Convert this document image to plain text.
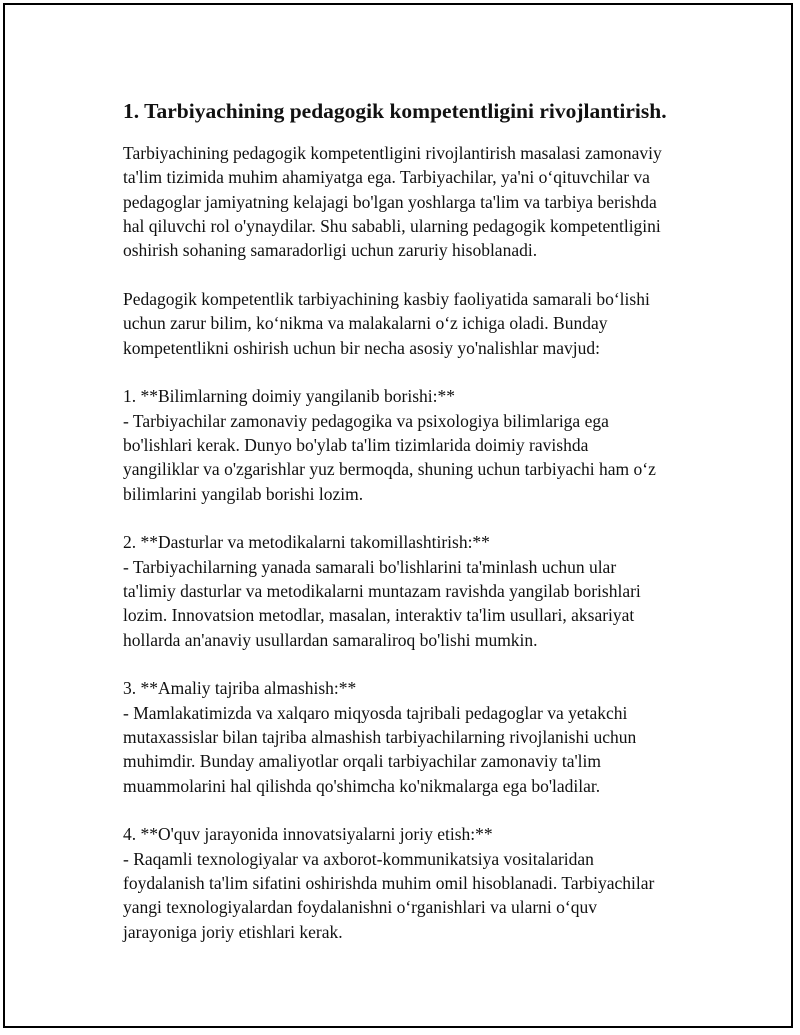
1. Tarbiyachining pedagogik kompetentligini rivojlantirish.

Tarbiyachining pedagogik kompetentligini rivojlantirish masalasi zamonaviy
ta'lim tizimida muhim ahamiyatga ega. Tarbiyachilar, ya'ni o‘qituvchilar va
pedagoglar jamiyatning kelajagi bo'lgan yoshlarga ta'lim va tarbiya berishda
hal qiluvchi rol o'ynaydilar. Shu sababli, ularning pedagogik kompetentligini
oshirish sohaning samaradorligi uchun zaruriy hisoblanadi.

Pedagogik kompetentlik tarbiyachining kasbiy faoliyatida samarali bo‘lishi
uchun zarur bilim, ko‘nikma va malakalarni o‘z ichiga oladi. Bunday
kompetentlikni oshirish uchun bir necha asosiy yo'nalishlar mavjud:

1. **Bilimlarning doimiy yangilanib borishi:**
- Tarbiyachilar zamonaviy pedagogika va psixologiya bilimlariga ega
bo'lishlari kerak. Dunyo bo'ylab ta'lim tizimlarida doimiy ravishda
yangiliklar va o'zgarishlar yuz bermoqda, shuning uchun tarbiyachi ham o‘z
bilimlarini yangilab borishi lozim.

2. **Dasturlar va metodikalarni takomillashtirish:**
- Tarbiyachilarning yanada samarali bo'lishlarini ta'minlash uchun ular
ta'limiy dasturlar va metodikalarni muntazam ravishda yangilab borishlari
lozim. Innovatsion metodlar, masalan, interaktiv ta'lim usullari, aksariyat
hollarda an'anaviy usullardan samaraliroq bo'lishi mumkin.

3. **Amaliy tajriba almashish:**
- Mamlakatimizda va xalqaro miqyosda tajribali pedagoglar va yetakchi
mutaxassislar bilan tajriba almashish tarbiyachilarning rivojlanishi uchun
muhimdir. Bunday amaliyotlar orqali tarbiyachilar zamonaviy ta'lim
muammolarini hal qilishda qo'shimcha ko'nikmalarga ega bo'ladilar.

4. **O'quv jarayonida innovatsiyalarni joriy etish:**
- Raqamli texnologiyalar va axborot-kommunikatsiya vositalaridan
foydalanish ta'lim sifatini oshirishda muhim omil hisoblanadi. Tarbiyachilar
yangi texnologiyalardan foydalanishni o‘rganishlari va ularni o‘quv
jarayoniga joriy etishlari kerak.
